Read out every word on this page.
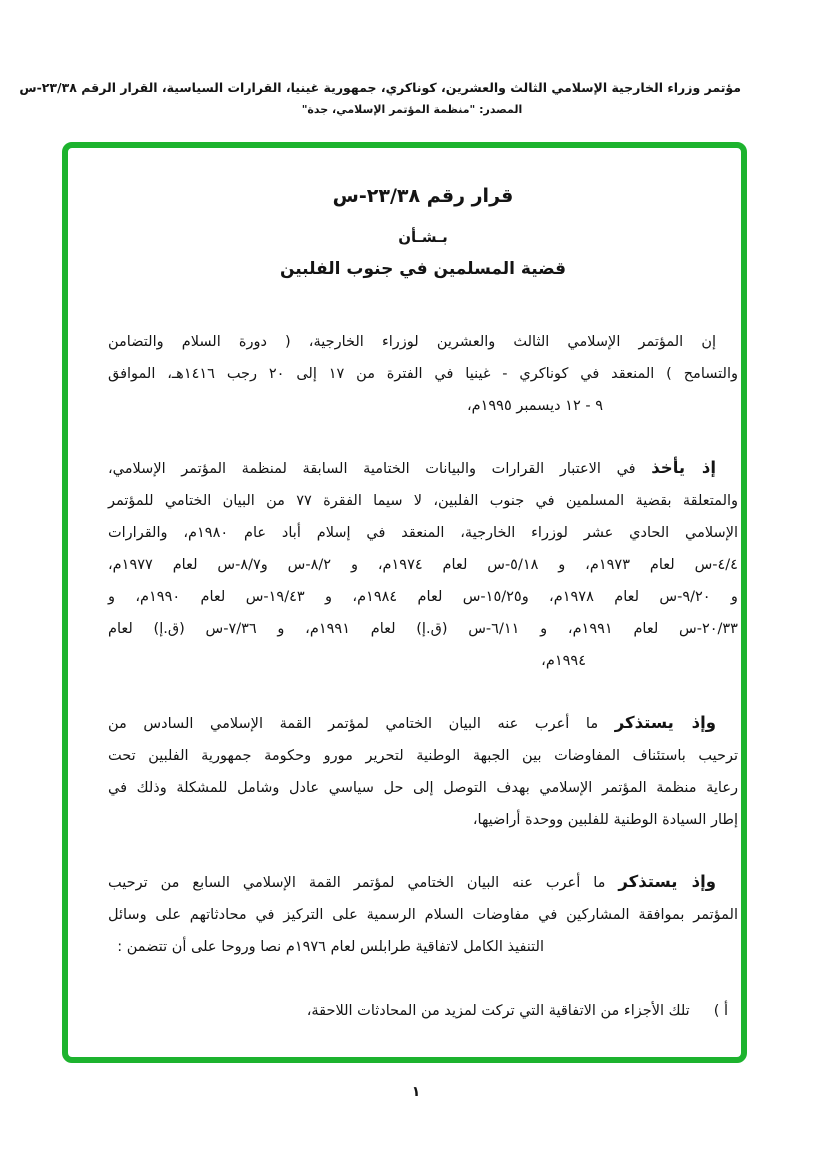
مؤتمر وزراء الخارجية الإسلامي الثالث والعشرين، كوناكري، جمهورية غينيا، القرارات السياسية، القرار الرقم ٢٣/٣٨-س
المصدر: "منظمة المؤتمر الإسلامي، جدة"
قرار رقم ٢٣/٣٨-س
بـشـأن
قضية المسلمين في جنوب الفلبين
إن المؤتمر الإسلامي الثالث والعشرين لوزراء الخارجية، ( دورة السلام والتضامن
والتسامح ) المنعقد في كوناكري - غينيا في الفترة من ١٧ إلى ٢٠ رجب ١٤١٦هـ، الموافق
٩ - ١٢ ديسمبر ١٩٩٥م،
إذ يأخذ في الاعتبار القرارات والبيانات الختامية السابقة لمنظمة المؤتمر الإسلامي،
والمتعلقة بقضية المسلمين في جنوب الفلبين، لا سيما الفقرة ٧٧ من البيان الختامي للمؤتمر
الإسلامي الحادي عشر لوزراء الخارجية، المنعقد في إسلام أباد عام ١٩٨٠م، والقرارات
٤/٤-س لعام ١٩٧٣م، و ٥/١٨-س لعام ١٩٧٤م، و ٨/٢-س و٨/٧-س لعام ١٩٧٧م،
و ٩/٢٠-س لعام ١٩٧٨م، و١٥/٢٥-س لعام ١٩٨٤م، و ١٩/٤٣-س لعام ١٩٩٠م، و
٢٠/٣٣-س لعام ١٩٩١م، و ٦/١١-س (ق.إ) لعام ١٩٩١م، و ٧/٣٦-س (ق.إ) لعام
١٩٩٤م،
وإذ يستذكر ما أعرب عنه البيان الختامي لمؤتمر القمة الإسلامي السادس من
ترحيب باستئناف المفاوضات بين الجبهة الوطنية لتحرير مورو وحكومة جمهورية الفلبين تحت
رعاية منظمة المؤتمر الإسلامي بهدف التوصل إلى حل سياسي عادل وشامل للمشكلة وذلك في
إطار السيادة الوطنية للفلبين ووحدة أراضيها،
وإذ يستذكر ما أعرب عنه البيان الختامي لمؤتمر القمة الإسلامي السابع من ترحيب
المؤتمر بموافقة المشاركين في مفاوضات السلام الرسمية على التركيز في محادثاتهم على وسائل
التنفيذ الكامل لاتفاقية طرابلس لعام ١٩٧٦م نصا وروحا على أن تتضمن :
أ )
تلك الأجزاء من الاتفاقية التي تركت لمزيد من المحادثات اللاحقة،
١
